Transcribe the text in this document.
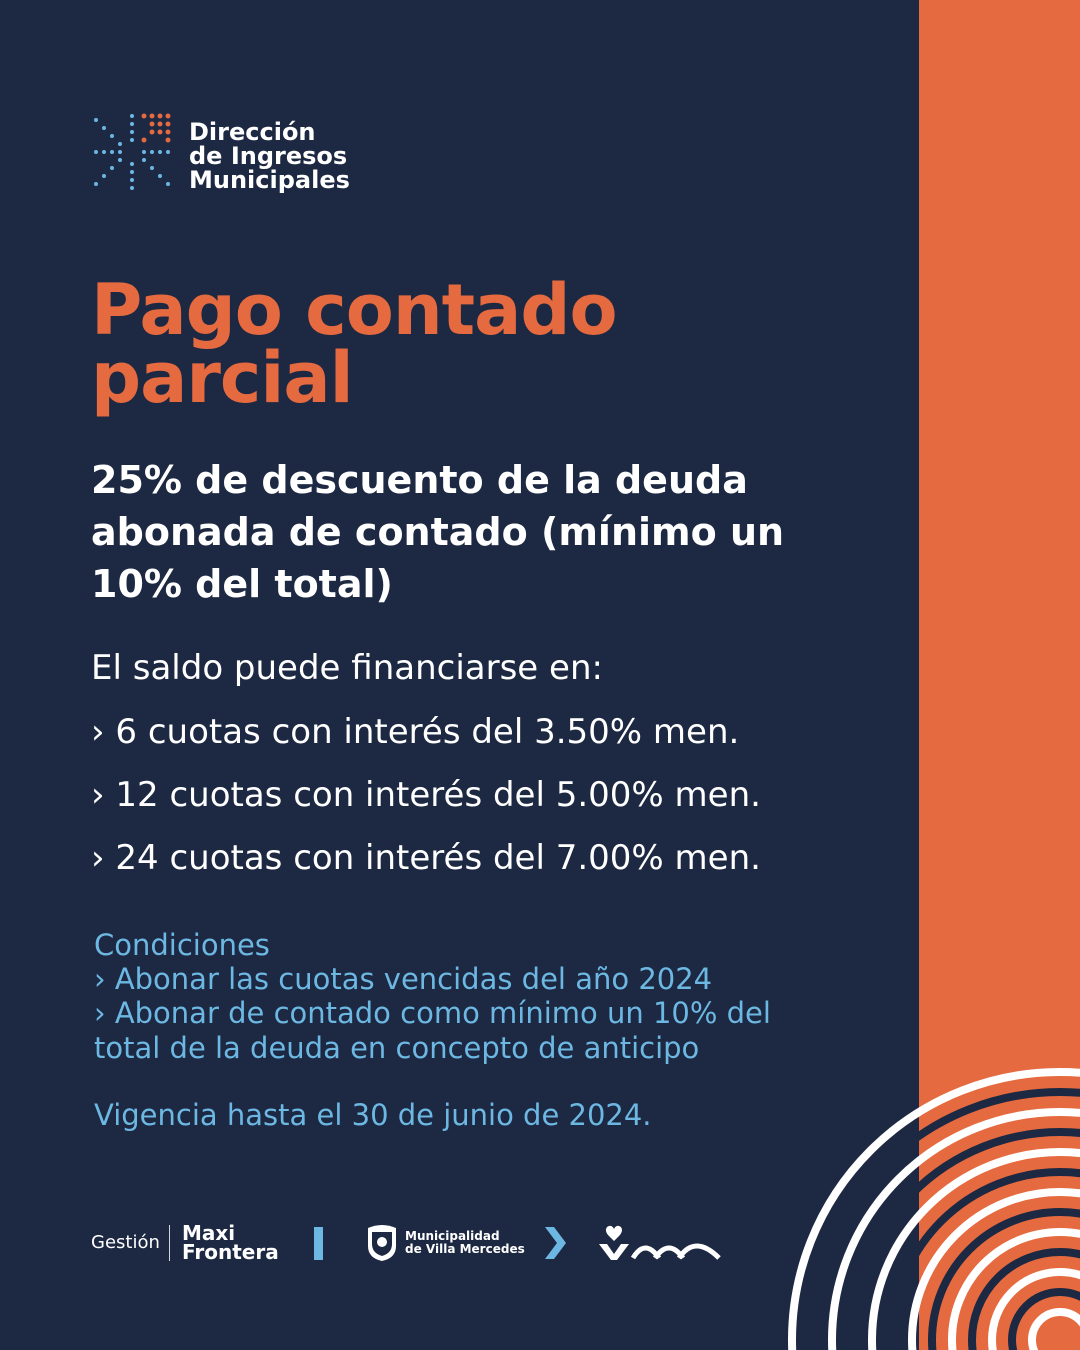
Dirección
de Ingresos
Municipales
Pago contado
parcial
25% de descuento de la deuda abonada de contado (mínimo un 10% del total)
El saldo puede financiarse en:
› 6 cuotas con interés del 3.50% men.
› 12 cuotas con interés del 5.00% men.
› 24 cuotas con interés del 7.00% men.
Condiciones
› Abonar las cuotas vencidas del año 2024
› Abonar de contado como mínimo un 10% del
total de la deuda en concepto de anticipo
Vigencia hasta el 30 de junio de 2024.
Gestión Maxi
Frontera
Municipalidad
de Villa Mercedes
